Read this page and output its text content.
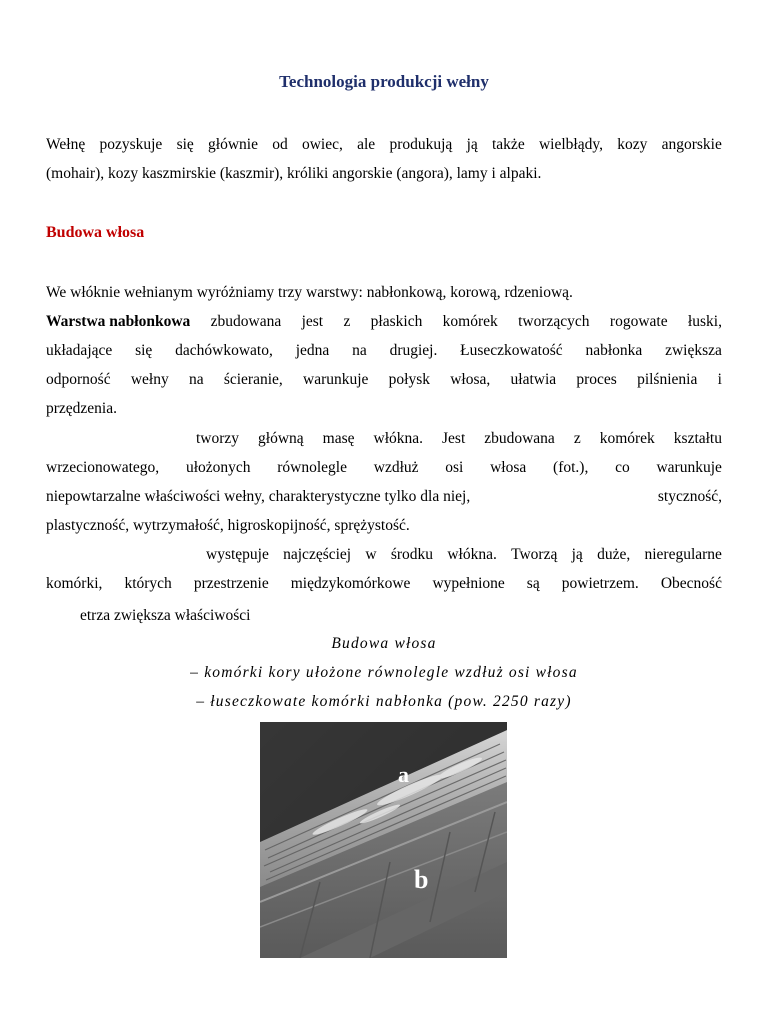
Technologia produkcji wełny
Wełnę pozyskuje się głównie od owiec, ale produkują ją także wielbłądy, kozy angorskie
(mohair), kozy kaszmirskie (kaszmir), króliki angorskie (angora), lamy i alpaki.
Budowa włosa
We włóknie wełnianym wyróżniamy trzy warstwy: nabłonkową, korową, rdzeniową.
Warstwa nabłonkowa zbudowana jest z płaskich komórek tworzących rogowate łuski,
układające się dachówkowato, jedna na drugiej. Łuseczkowatość nabłonka zwiększa
odporność wełny na ścieranie, warunkuje połysk włosa, ułatwia proces pilśnienia i
przędzenia.
tworzy główną masę włókna. Jest zbudowana z komórek kształtu
wrzecionowatego, ułożonych równolegle wzdłuż osi włosa (fot.), co warunkuje
niepowtarzalne właściwości wełny, charakterystyczne tylko dla niej,	styczność,
plastyczność, wytrzymałość, higroskopijność, sprężystość.
występuje najczęściej w środku włókna. Tworzą ją duże, nieregularne
komórki, których przestrzenie międzykomórkowe wypełnione są powietrzem. Obecność
etrza zwiększa właściwości
Budowa włosa
– komórki kory ułożone równolegle wzdłuż osi włosa
– łuseczkowate komórki nabłonka (pow. 2250 razy)
a
b
